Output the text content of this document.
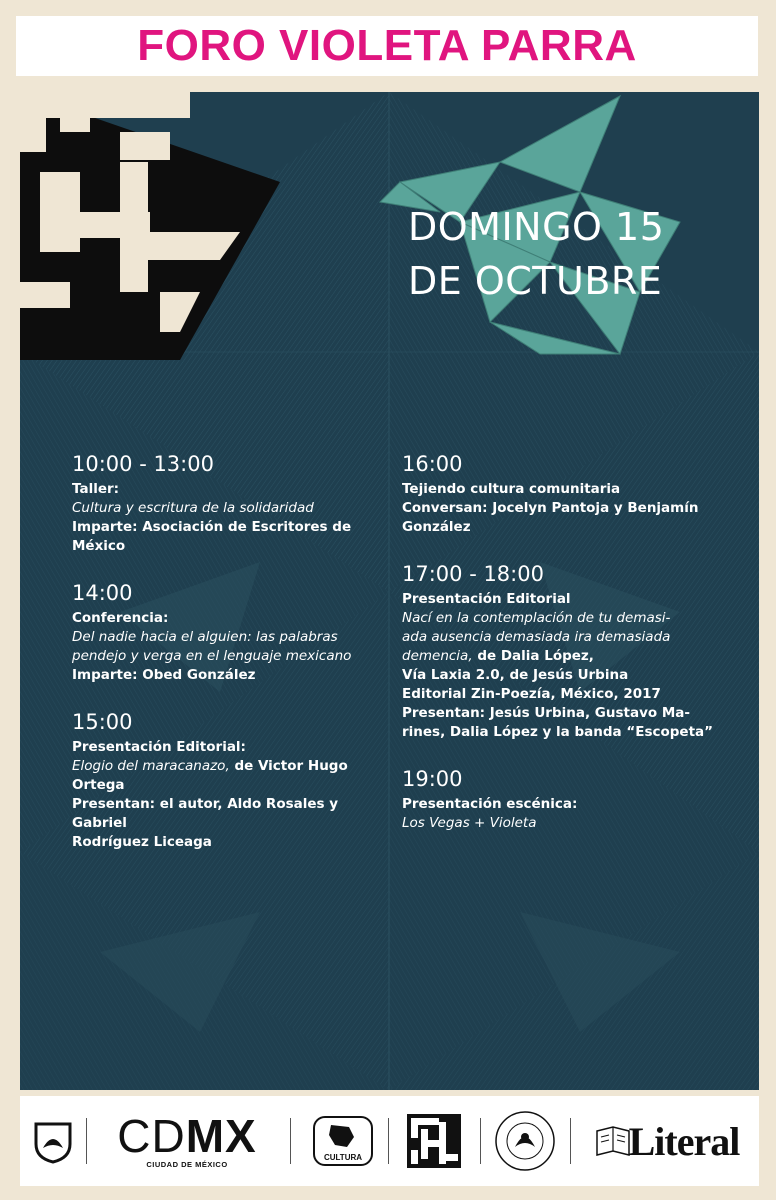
FORO VIOLETA PARRA
DOMINGO 15
DE OCTUBRE
10:00 - 13:00
Taller:
Cultura y escritura de la solidaridad
Imparte: Asociación de Escritores de
México
14:00
Conferencia:
Del nadie hacia el alguien: las palabras
pendejo y verga en el lenguaje mexicano
Imparte: Obed González
15:00
Presentación Editorial:
Elogio del maracanazo, de Victor Hugo
Ortega
Presentan: el autor, Aldo Rosales y Gabriel
Rodríguez Liceaga
16:00
Tejiendo cultura comunitaria
Conversan: Jocelyn Pantoja y Benjamín
González
17:00 - 18:00
Presentación Editorial
Nací en la contemplación de tu demasi-
ada ausencia demasiada ira demasiada
demencia, de Dalia López,
Vía Laxia 2.0, de Jesús Urbina
Editorial Zin-Poezía, México, 2017
Presentan: Jesús Urbina, Gustavo Ma-
rines, Dalia López y la banda “Escopeta”
19:00
Presentación escénica:
Los Vegas + Violeta
CDMX
CIUDAD DE MÉXICO
CULTURA	Literal
